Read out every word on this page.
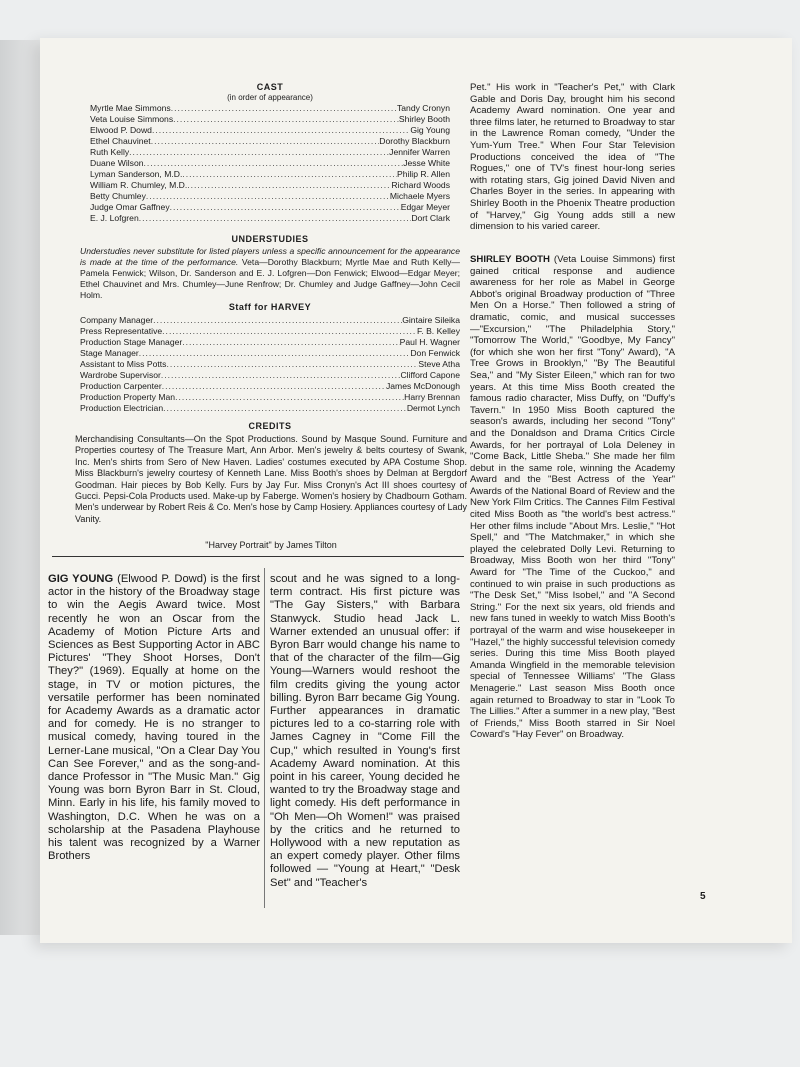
CAST
(in order of appearance)
Myrtle Mae Simmons .....	Tandy Cronyn
Veta Louise Simmons .....	Shirley Booth
Elwood P. Dowd .....	Gig Young
Ethel Chauvinet .....	Dorothy Blackburn
Ruth Kelly .....	Jennifer Warren
Duane Wilson .....	Jesse White
Lyman Sanderson, M.D. .....	Philip R. Allen
William R. Chumley, M.D. .....	Richard Woods
Betty Chumley .....	Michaele Myers
Judge Omar Gaffney .....	Edgar Meyer
E. J. Lofgren .....	Dort Clark
UNDERSTUDIES
Understudies never substitute for listed players unless a specific announcement for the appearance is made at the time of the performance. Veta—Dorothy Blackburn; Myrtle Mae and Ruth Kelly—Pamela Fenwick; Wilson, Dr. Sanderson and E. J. Lofgren—Don Fenwick; Elwood—Edgar Meyer; Ethel Chauvinet and Mrs. Chumley—June Renfrow; Dr. Chumley and Judge Gaffney—John Cecil Holm.
Staff for HARVEY
Company Manager .....	Gintaire Sileika
Press Representative .....	F. B. Kelley
Production Stage Manager .....	Paul H. Wagner
Stage Manager .....	Don Fenwick
Assistant to Miss Potts .....	Steve Atha
Wardrobe Supervisor .....	Clifford Capone
Production Carpenter .....	James McDonough
Production Property Man .....	Harry Brennan
Production Electrician .....	Dermot Lynch
CREDITS
Merchandising Consultants—On the Spot Productions. Sound by Masque Sound. Furniture and Properties courtesy of The Treasure Mart, Ann Arbor. Men's jewelry & belts courtesy of Swank, Inc. Men's shirts from Sero of New Haven. Ladies' costumes executed by APA Costume Shop. Miss Blackburn's jewelry courtesy of Kenneth Lane. Miss Booth's shoes by Delman at Bergdorf Goodman. Hair pieces by Bob Kelly. Furs by Jay Fur. Miss Cronyn's Act III shoes courtesy of Gucci. Pepsi-Cola Products used. Make-up by Faberge. Women's hosiery by Chadbourn Gotham. Men's underwear by Robert Reis & Co. Men's hose by Camp Hosiery. Appliances courtesy of Lady Vanity.
"Harvey Portrait" by James Tilton
Pet." His work in "Teacher's Pet," with Clark Gable and Doris Day, brought him his second Academy Award nomination. One year and three films later, he returned to Broadway to star in the Lawrence Roman comedy, "Under the Yum-Yum Tree." When Four Star Television Productions conceived the idea of "The Rogues," one of TV's finest hour-long series with rotating stars, Gig joined David Niven and Charles Boyer in the series. In appearing with Shirley Booth in the Phoenix Theatre production of "Harvey," Gig Young adds still a new dimension to his varied career.
SHIRLEY BOOTH (Veta Louise Simmons) first gained critical response and audience awareness for her role as Mabel in George Abbot's original Broadway production of "Three Men On a Horse." Then followed a string of dramatic, comic, and musical successes—"Excursion," "The Philadelphia Story," "Tomorrow The World," "Goodbye, My Fancy" (for which she won her first "Tony" Award), "A Tree Grows in Brooklyn," "By The Beautiful Sea," and "My Sister Eileen," which ran for two years. At this time Miss Booth created the famous radio character, Miss Duffy, on "Duffy's Tavern." In 1950 Miss Booth captured the season's awards, including her second "Tony" and the Donaldson and Drama Critics Circle Awards, for her portrayal of Lola Deleney in "Come Back, Little Sheba." She made her film debut in the same role, winning the Academy Award and the "Best Actress of the Year" Awards of the National Board of Review and the New York Film Critics. The Cannes Film Festival cited Miss Booth as "the world's best actress." Her other films include "About Mrs. Leslie," "Hot Spell," and "The Matchmaker," in which she played the celebrated Dolly Levi. Returning to Broadway, Miss Booth won her third "Tony" Award for "The Time of the Cuckoo," and continued to win praise in such productions as "The Desk Set," "Miss Isobel," and "A Second String." For the next six years, old friends and new fans tuned in weekly to watch Miss Booth's portrayal of the warm and wise housekeeper in "Hazel," the highly successful television comedy series. During this time Miss Booth played Amanda Wingfield in the memorable television special of Tennessee Williams' "The Glass Menagerie." Last season Miss Booth once again returned to Broadway to star in "Look To The Lillies." After a summer in a new play, "Best of Friends," Miss Booth starred in Sir Noel Coward's "Hay Fever" on Broadway.
GIG YOUNG (Elwood P. Dowd) is the first actor in the history of the Broadway stage to win the Aegis Award twice. Most recently he won an Oscar from the Academy of Motion Picture Arts and Sciences as Best Supporting Actor in ABC Pictures' "They Shoot Horses, Don't They?" (1969). Equally at home on the stage, in TV or motion pictures, the versatile performer has been nominated for Academy Awards as a dramatic actor and for comedy. He is no stranger to musical comedy, having toured in the Lerner-Lane musical, "On a Clear Day You Can See Forever," and as the song-and-dance Professor in "The Music Man." Gig Young was born Byron Barr in St. Cloud, Minn. Early in his life, his family moved to Washington, D.C. When he was on a scholarship at the Pasadena Playhouse his talent was recognized by a Warner Brothers
scout and he was signed to a long-term contract. His first picture was "The Gay Sisters," with Barbara Stanwyck. Studio head Jack L. Warner extended an unusual offer: if Byron Barr would change his name to that of the character of the film—Gig Young—Warners would reshoot the film credits giving the young actor billing. Byron Barr became Gig Young. Further appearances in dramatic pictures led to a co-starring role with James Cagney in "Come Fill the Cup," which resulted in Young's first Academy Award nomination. At this point in his career, Young decided he wanted to try the Broadway stage and light comedy. His deft performance in "Oh Men—Oh Women!" was praised by the critics and he returned to Hollywood with a new reputation as an expert comedy player. Other films followed — "Young at Heart," "Desk Set" and "Teacher's
5
